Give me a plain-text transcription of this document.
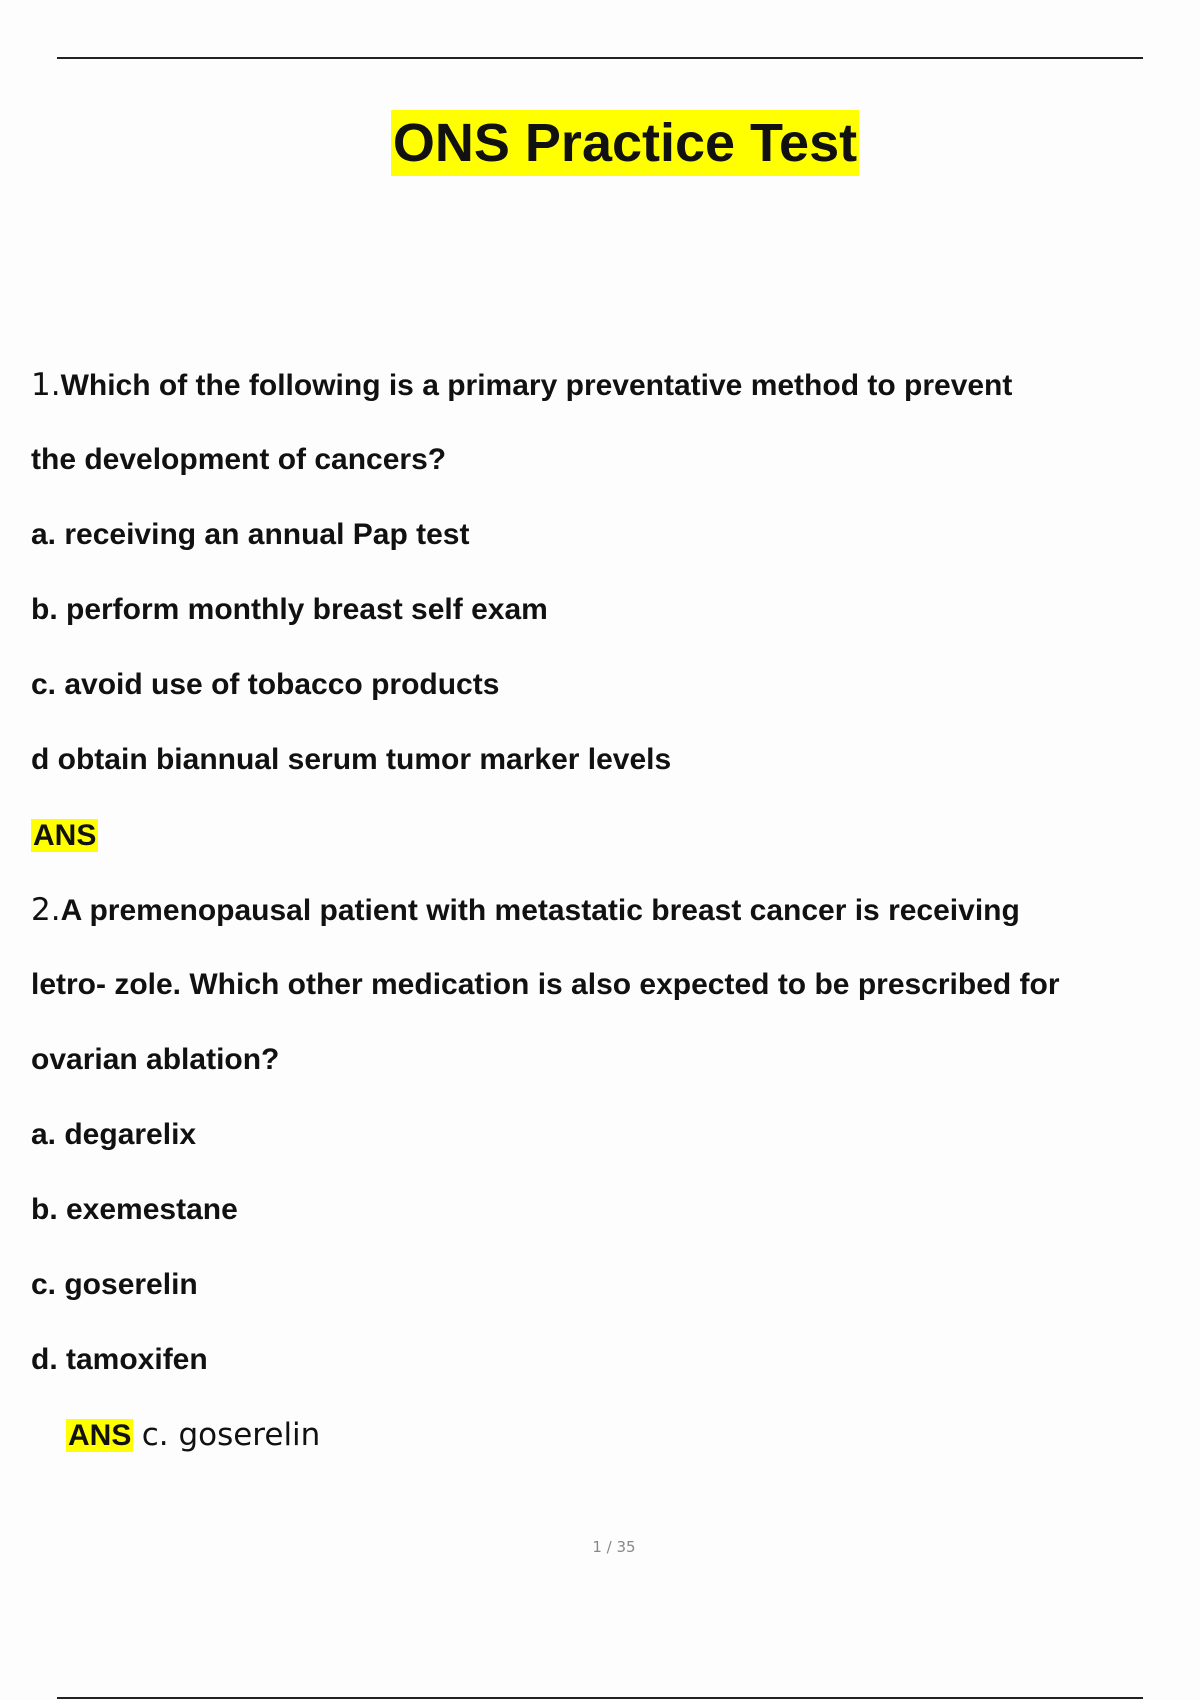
ONS Practice Test
1.Which of the following is a primary preventative method to prevent
the development of cancers?
a. receiving an annual Pap test
b. perform monthly breast self exam
c. avoid use of tobacco products
d obtain biannual serum tumor marker levels
ANS
2.A premenopausal patient with metastatic breast cancer is receiving
letro- zole. Which other medication is also expected to be prescribed for
ovarian ablation?
a. degarelix
b. exemestane
c. goserelin
d. tamoxifen
ANS c. goserelin
1 / 35
